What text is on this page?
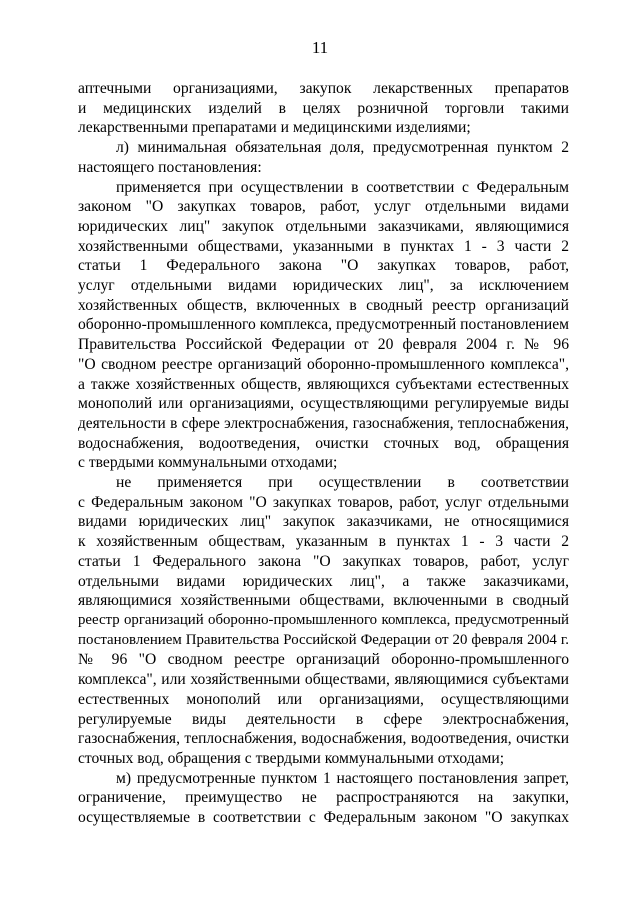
11
аптечными организациями, закупок лекарственных препаратов
и медицинских изделий в целях розничной торговли такими
лекарственными препаратами и медицинскими изделиями;
л) минимальная обязательная доля, предусмотренная пунктом 2
настоящего постановления:
применяется при осуществлении в соответствии с Федеральным
законом "О закупках товаров, работ, услуг отдельными видами
юридических лиц" закупок отдельными заказчиками, являющимися
хозяйственными обществами, указанными в пунктах 1 - 3 части 2
статьи 1 Федерального закона "О закупках товаров, работ,
услуг отдельными видами юридических лиц", за исключением
хозяйственных обществ, включенных в сводный реестр организаций
оборонно-промышленного комплекса, предусмотренный постановлением
Правительства Российской Федерации от 20 февраля 2004 г. № 96
"О сводном реестре организаций оборонно-промышленного комплекса",
а также хозяйственных обществ, являющихся субъектами естественных
монополий или организациями, осуществляющими регулируемые виды
деятельности в сфере электроснабжения, газоснабжения, теплоснабжения,
водоснабжения, водоотведения, очистки сточных вод, обращения
с твердыми коммунальными отходами;
не применяется при осуществлении в соответствии
с Федеральным законом "О закупках товаров, работ, услуг отдельными
видами юридических лиц" закупок заказчиками, не относящимися
к хозяйственным обществам, указанным в пунктах 1 - 3 части 2
статьи 1 Федерального закона "О закупках товаров, работ, услуг
отдельными видами юридических лиц", а также заказчиками,
являющимися хозяйственными обществами, включенными в сводный
реестр организаций оборонно-промышленного комплекса, предусмотренный
постановлением Правительства Российской Федерации от 20 февраля 2004 г.
№ 96 "О сводном реестре организаций оборонно-промышленного
комплекса", или хозяйственными обществами, являющимися субъектами
естественных монополий или организациями, осуществляющими
регулируемые виды деятельности в сфере электроснабжения,
газоснабжения, теплоснабжения, водоснабжения, водоотведения, очистки
сточных вод, обращения с твердыми коммунальными отходами;
м) предусмотренные пунктом 1 настоящего постановления запрет,
ограничение, преимущество не распространяются на закупки,
осуществляемые в соответствии с Федеральным законом "О закупках
